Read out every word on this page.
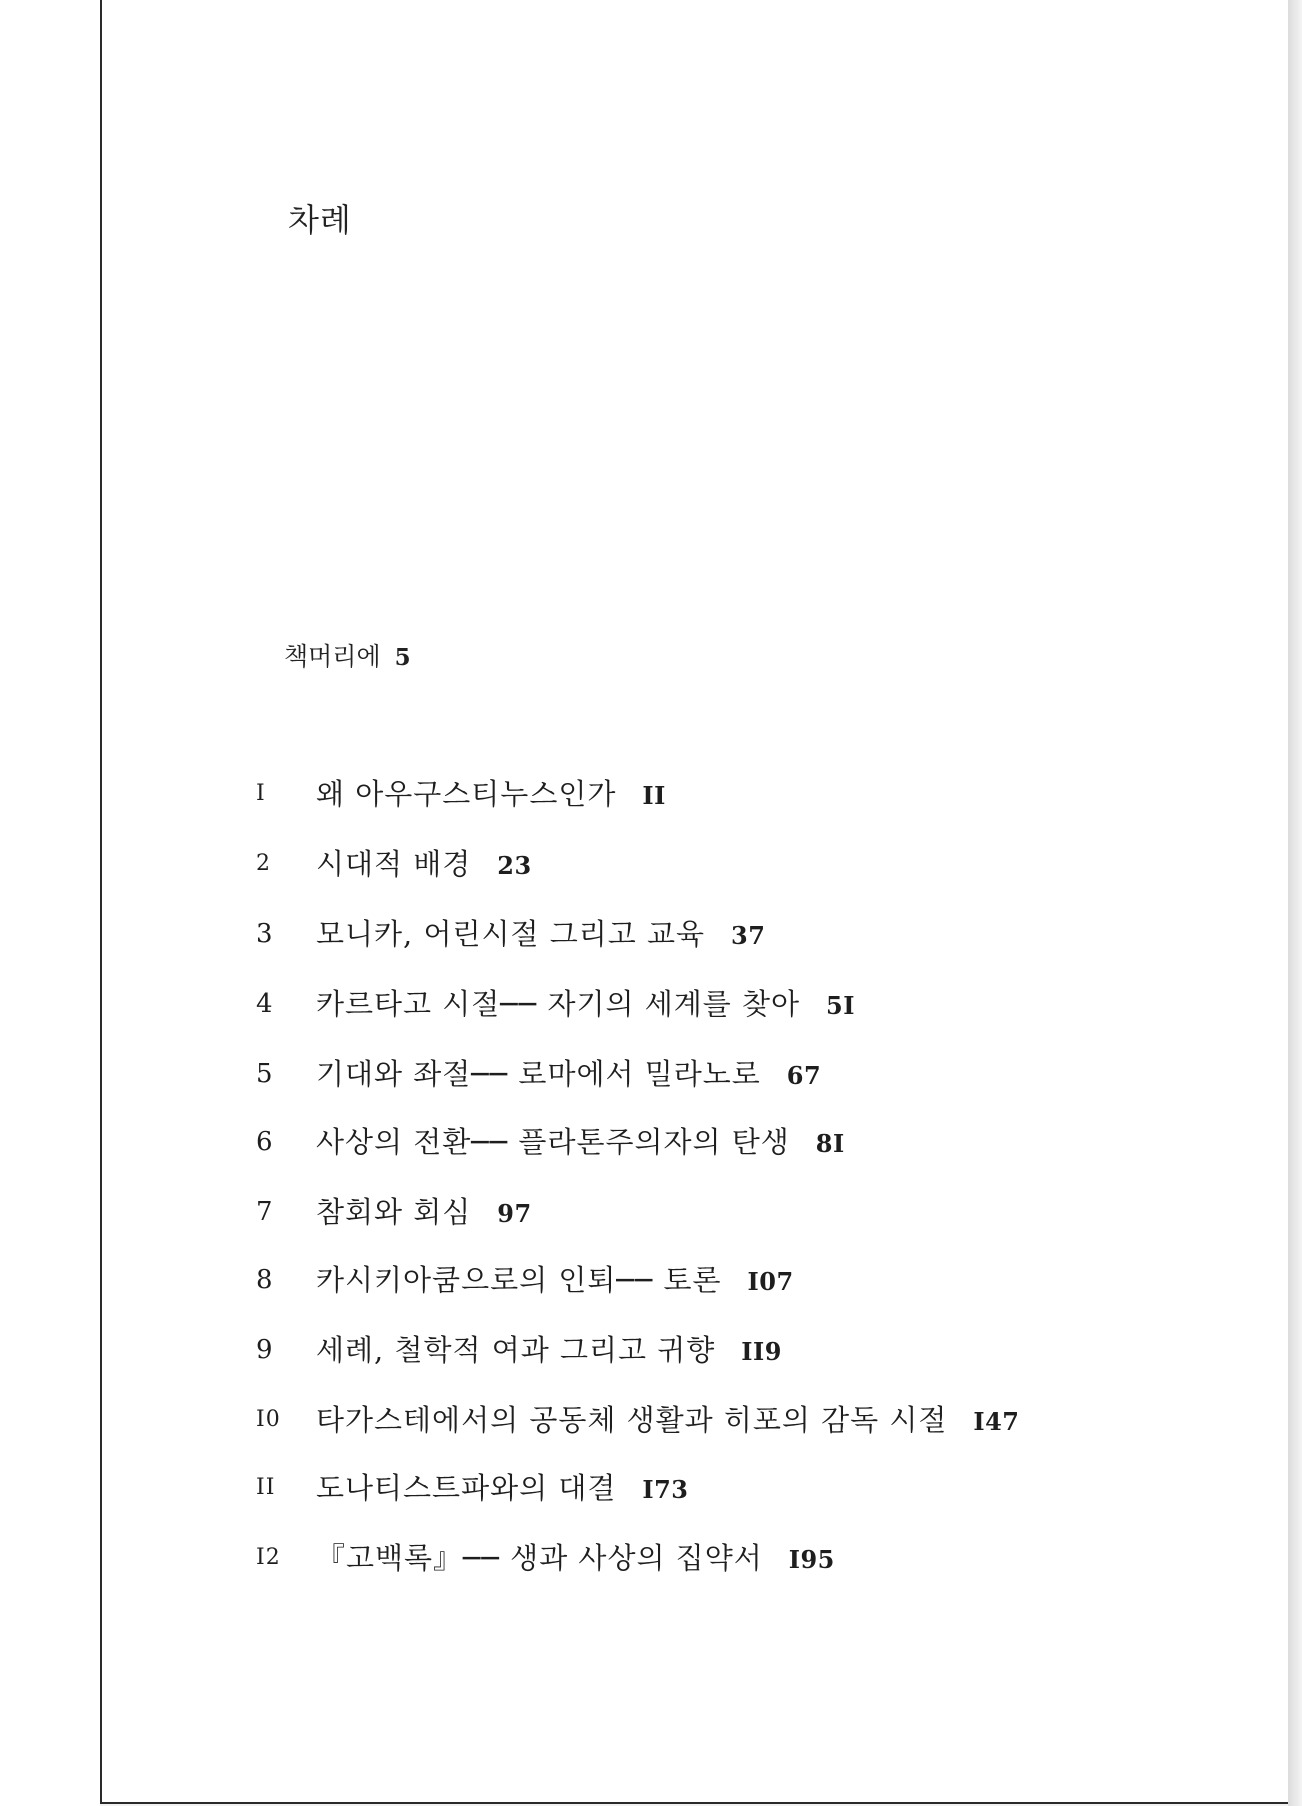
차례
책머리에 5
I	왜 아우구스티누스인가 II
2	시대적 배경 23
3	모니카, 어린시절 그리고 교육 37
4	카르타고 시절── 자기의 세계를 찾아 5I
5	기대와 좌절── 로마에서 밀라노로 67
6	사상의 전환── 플라톤주의자의 탄생 8I
7	참회와 회심 97
8	카시키아쿰으로의 인퇴── 토론 I07
9	세례, 철학적 여과 그리고 귀향 II9
I0	타가스테에서의 공동체 생활과 히포의 감독 시절 I47
II	도나티스트파와의 대결 I73
I2	『고백록』── 생과 사상의 집약서 I95
